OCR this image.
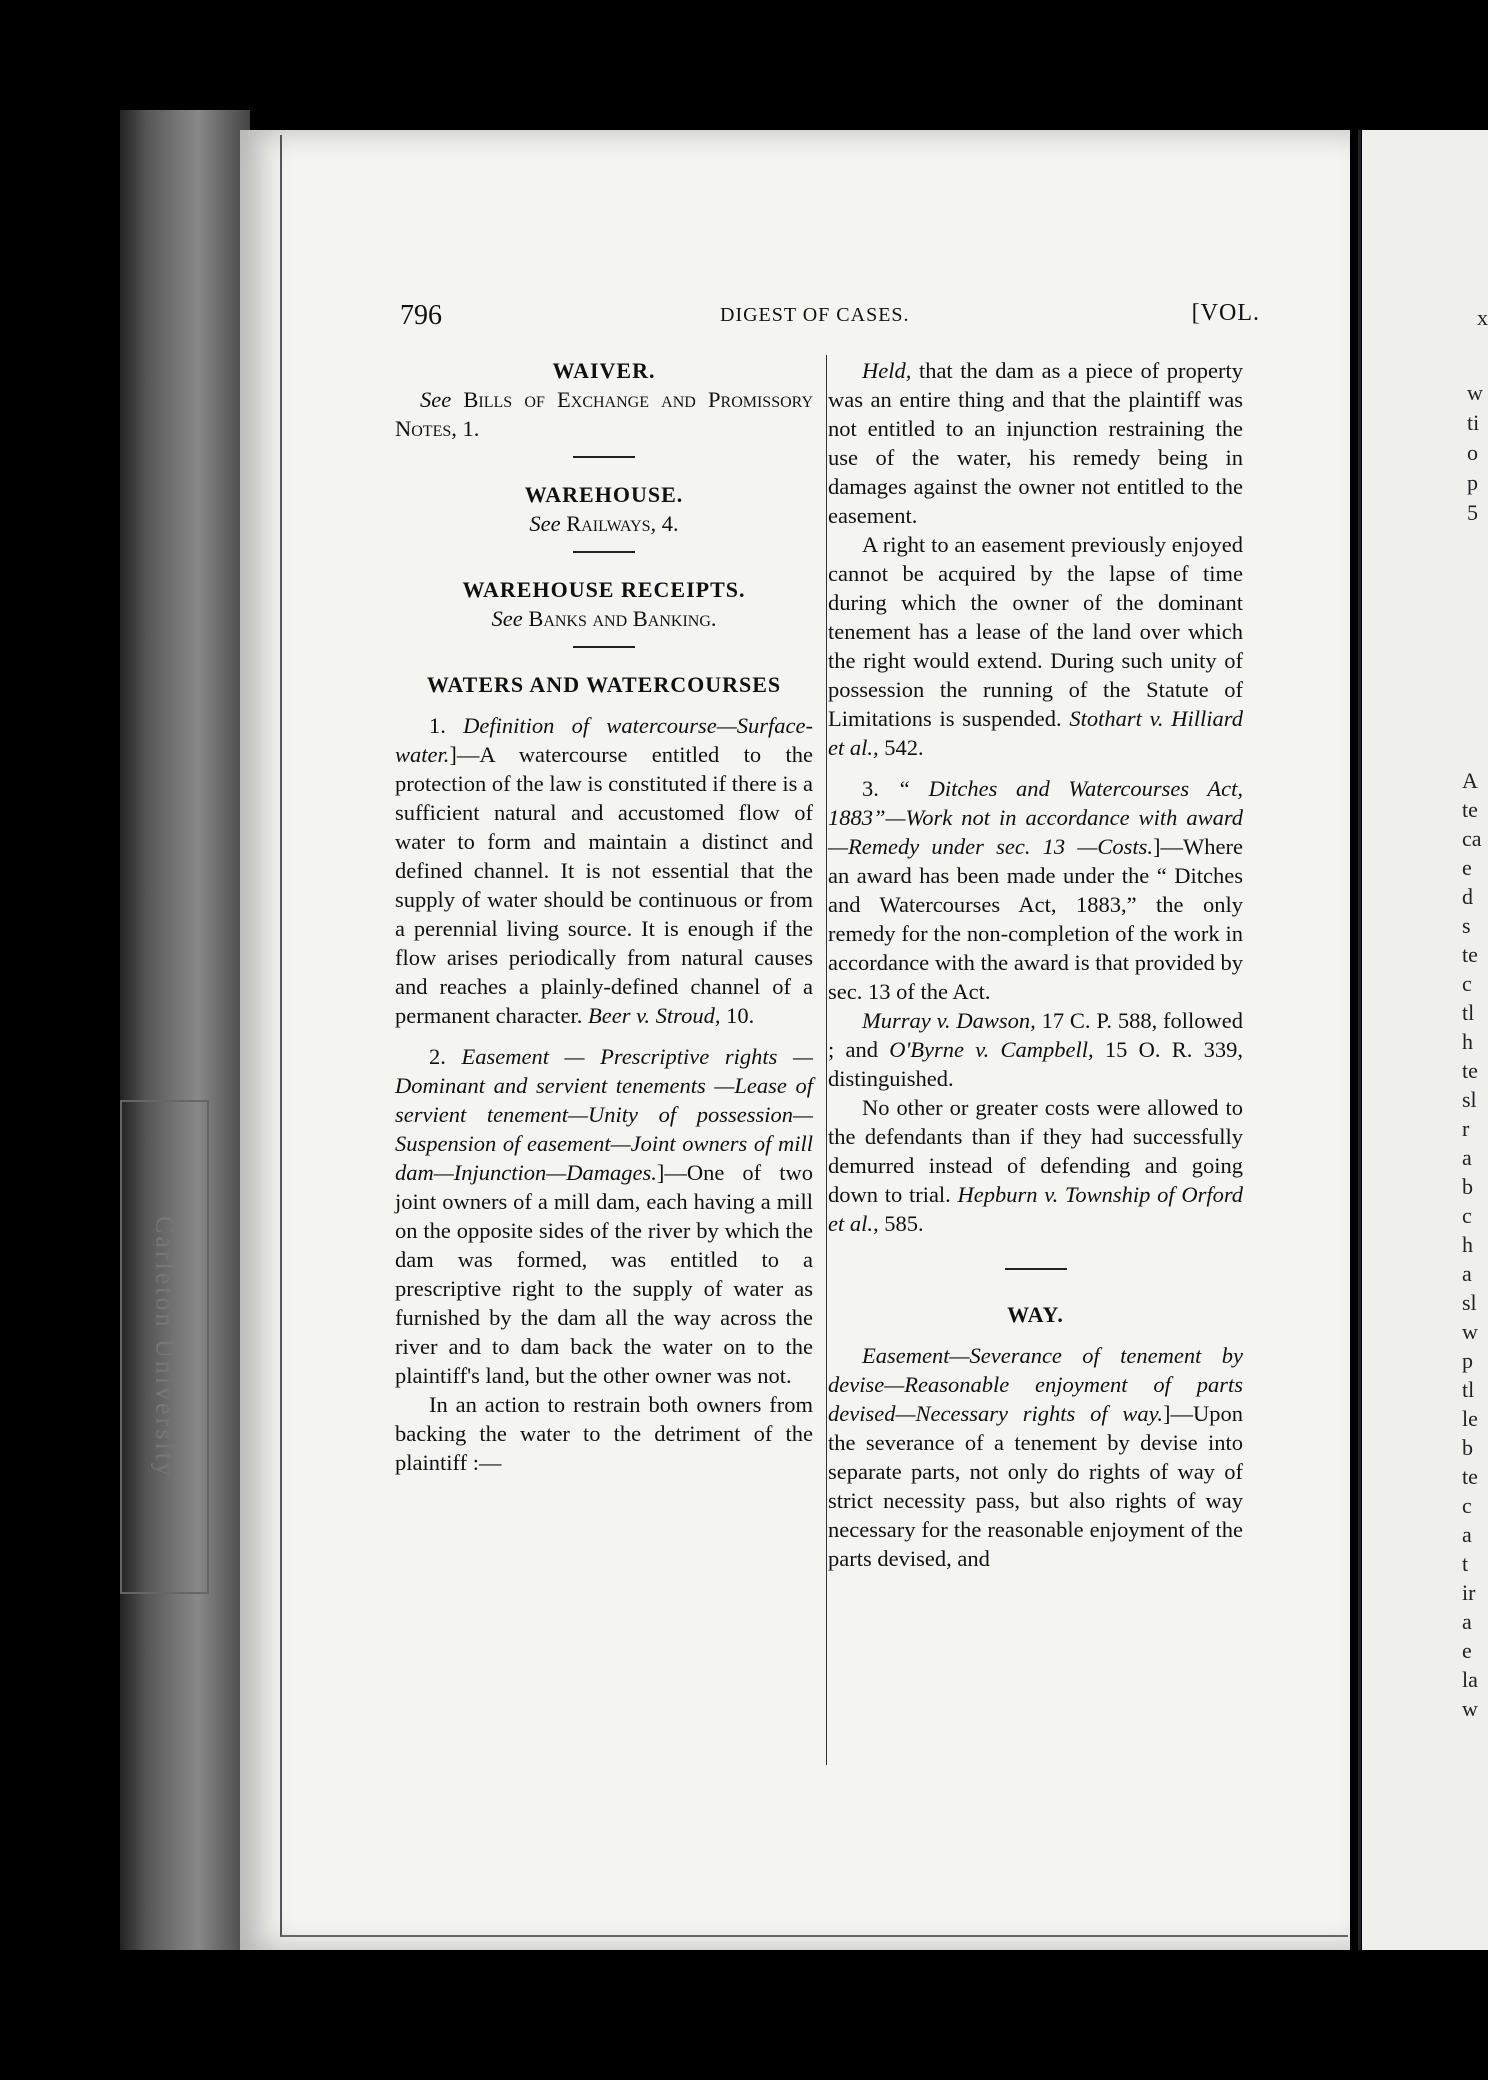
Carleton University
x
w
ti
o
p
5
A
te
ca
e
d
s
te
c
tl
h
te
sl
r
a
b
c
h
a
sl
w
p
tl
le
b
te
c
a
t
ir
a
e
la
w
796	DIGEST OF CASES.	[VOL.

WAIVER.

See Bills of Exchange and Promissory Notes, 1.

WAREHOUSE.

See Railways, 4.

WAREHOUSE RECEIPTS.

See Banks and Banking.

WATERS AND WATERCOURSES

1. Definition of watercourse—Surface-water.]—A watercourse entitled to the protection of the law is constituted if there is a sufficient natural and accustomed flow of water to form and maintain a distinct and defined channel. It is not essential that the supply of water should be continuous or from a perennial living source. It is enough if the flow arises periodically from natural causes and reaches a plainly-defined channel of a permanent character. Beer v. Stroud, 10.

2. Easement — Prescriptive rights —Dominant and servient tenements —Lease of servient tenement—Unity of possession—Suspension of easement—Joint owners of mill dam—Injunction—Damages.]—One of two joint owners of a mill dam, each having a mill on the opposite sides of the river by which the dam was formed, was entitled to a prescriptive right to the supply of water as furnished by the dam all the way across the river and to dam back the water on to the plaintiff's land, but the other owner was not.

In an action to restrain both owners from backing the water to the detriment of the plaintiff :—

Held, that the dam as a piece of property was an entire thing and that the plaintiff was not entitled to an injunction restraining the use of the water, his remedy being in damages against the owner not entitled to the easement.

A right to an easement previously enjoyed cannot be acquired by the lapse of time during which the owner of the dominant tenement has a lease of the land over which the right would extend. During such unity of possession the running of the Statute of Limitations is suspended. Stothart v. Hilliard et al., 542.

3. “ Ditches and Watercourses Act, 1883”—Work not in accordance with award—Remedy under sec. 13 —Costs.]—Where an award has been made under the “ Ditches and Watercourses Act, 1883,” the only remedy for the non-completion of the work in accordance with the award is that provided by sec. 13 of the Act.

Murray v. Dawson, 17 C. P. 588, followed ; and O'Byrne v. Campbell, 15 O. R. 339, distinguished.

No other or greater costs were allowed to the defendants than if they had successfully demurred instead of defending and going down to trial. Hepburn v. Township of Orford et al., 585.

WAY.

Easement—Severance of tenement by devise—Reasonable enjoyment of parts devised—Necessary rights of way.]—Upon the severance of a tenement by devise into separate parts, not only do rights of way of strict necessity pass, but also rights of way necessary for the reasonable enjoyment of the parts devised, and
